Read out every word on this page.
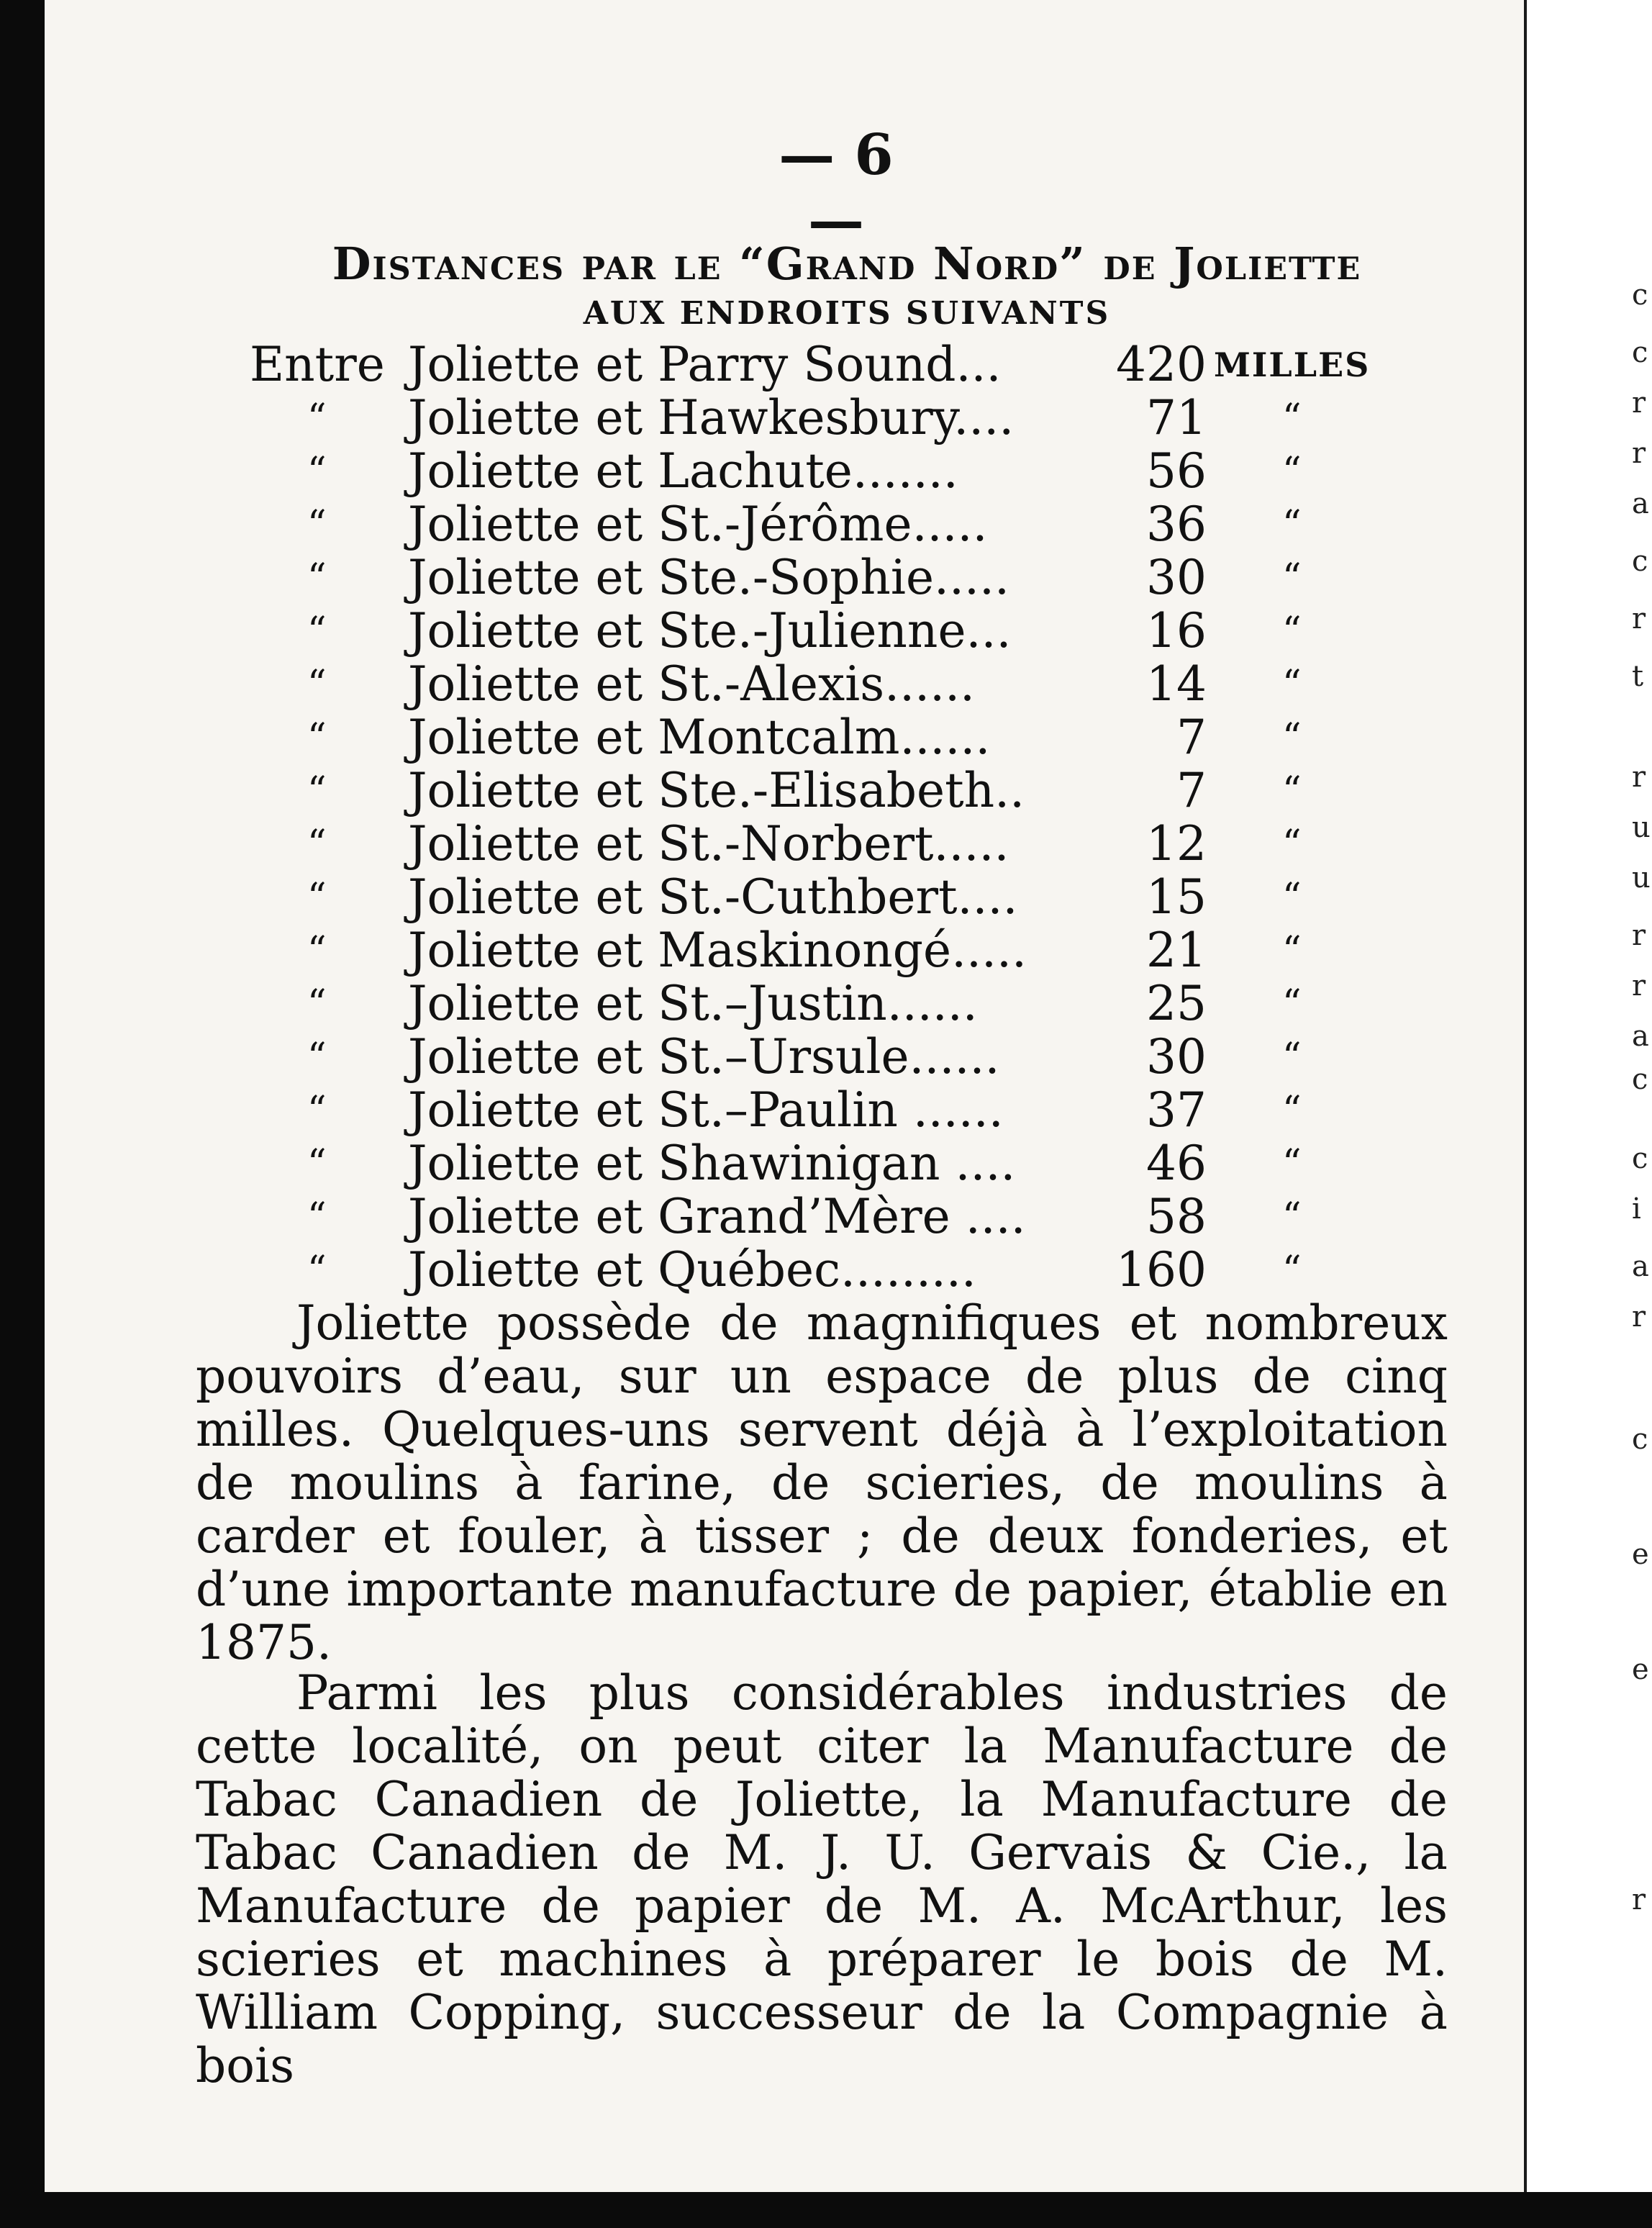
— 6 —
Distances par le “Grand Nord” de Joliette
AUX ENDROITS SUIVANTS
Entre Joliette et Parry Sound...	420 MILLES
“ Joliette et Hawkesbury....	71 “
“ Joliette et Lachute.......	56 “
“ Joliette et St.-Jérôme.....	36 “
“ Joliette et Ste.-Sophie.....	30 “
“ Joliette et Ste.-Julienne...	16 “
“ Joliette et St.-Alexis......	14 “
“ Joliette et Montcalm......	7 “
“ Joliette et Ste.-Elisabeth..	7 “
“ Joliette et St.-Norbert.....	12 “
“ Joliette et St.-Cuthbert....	15 “
“ Joliette et Maskinongé.....	21 “
“ Joliette et St.–Justin......	25 “
“ Joliette et St.–Ursule......	30 “
“ Joliette et St.–Paulin ......	37 “
“ Joliette et Shawinigan ....	46 “
“ Joliette et Grand’Mère ....	58 “
“ Joliette et Québec.........	160 “
Joliette possède de magnifiques et nombreux pouvoirs d’eau, sur un espace de plus de cinq milles. Quelques-uns servent déjà à l’exploitation de moulins à farine, de scieries, de moulins à carder et fouler, à tisser ; de deux fonderies, et d’une importante manufacture de papier, établie en 1875.
Parmi les plus considérables industries de cette localité, on peut citer la Manufacture de Tabac Canadien de Joliette, la Manufacture de Tabac Canadien de M. J. U. Gervais & Cie., la Manufacture de papier de M. A. McArthur, les scieries et machines à préparer le bois de M. William Copping, successeur de la Compagnie à bois
c
c
r
r
a
c
r
t
r
u
u
r
r
a
c
c
i
a
r
c
e
e
r
